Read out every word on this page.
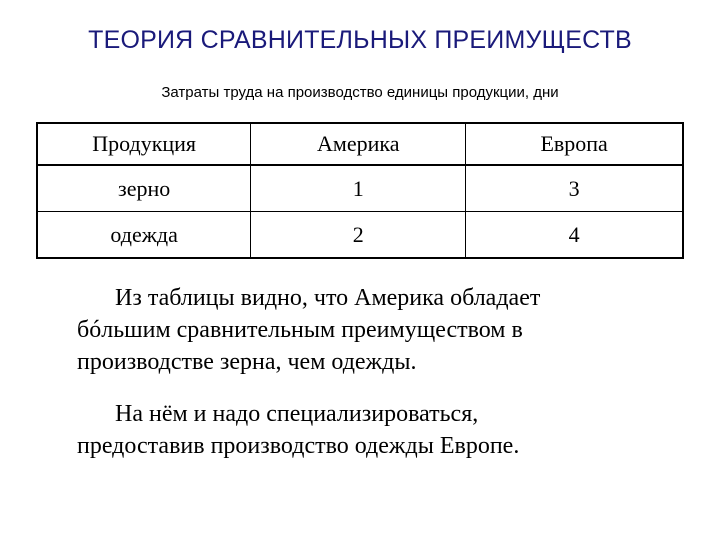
ТЕОРИЯ СРАВНИТЕЛЬНЫХ ПРЕИМУЩЕСТВ
Затраты труда на производство единицы продукции, дни
Продукция	Америка	Европа
зерно	1	3
одежда	2	4
Из таблицы видно, что Америка обладает
бóльшим сравнительным преимуществом в
производстве зерна, чем одежды.
На нём и надо специализироваться,
предоставив производство одежды Европе.
